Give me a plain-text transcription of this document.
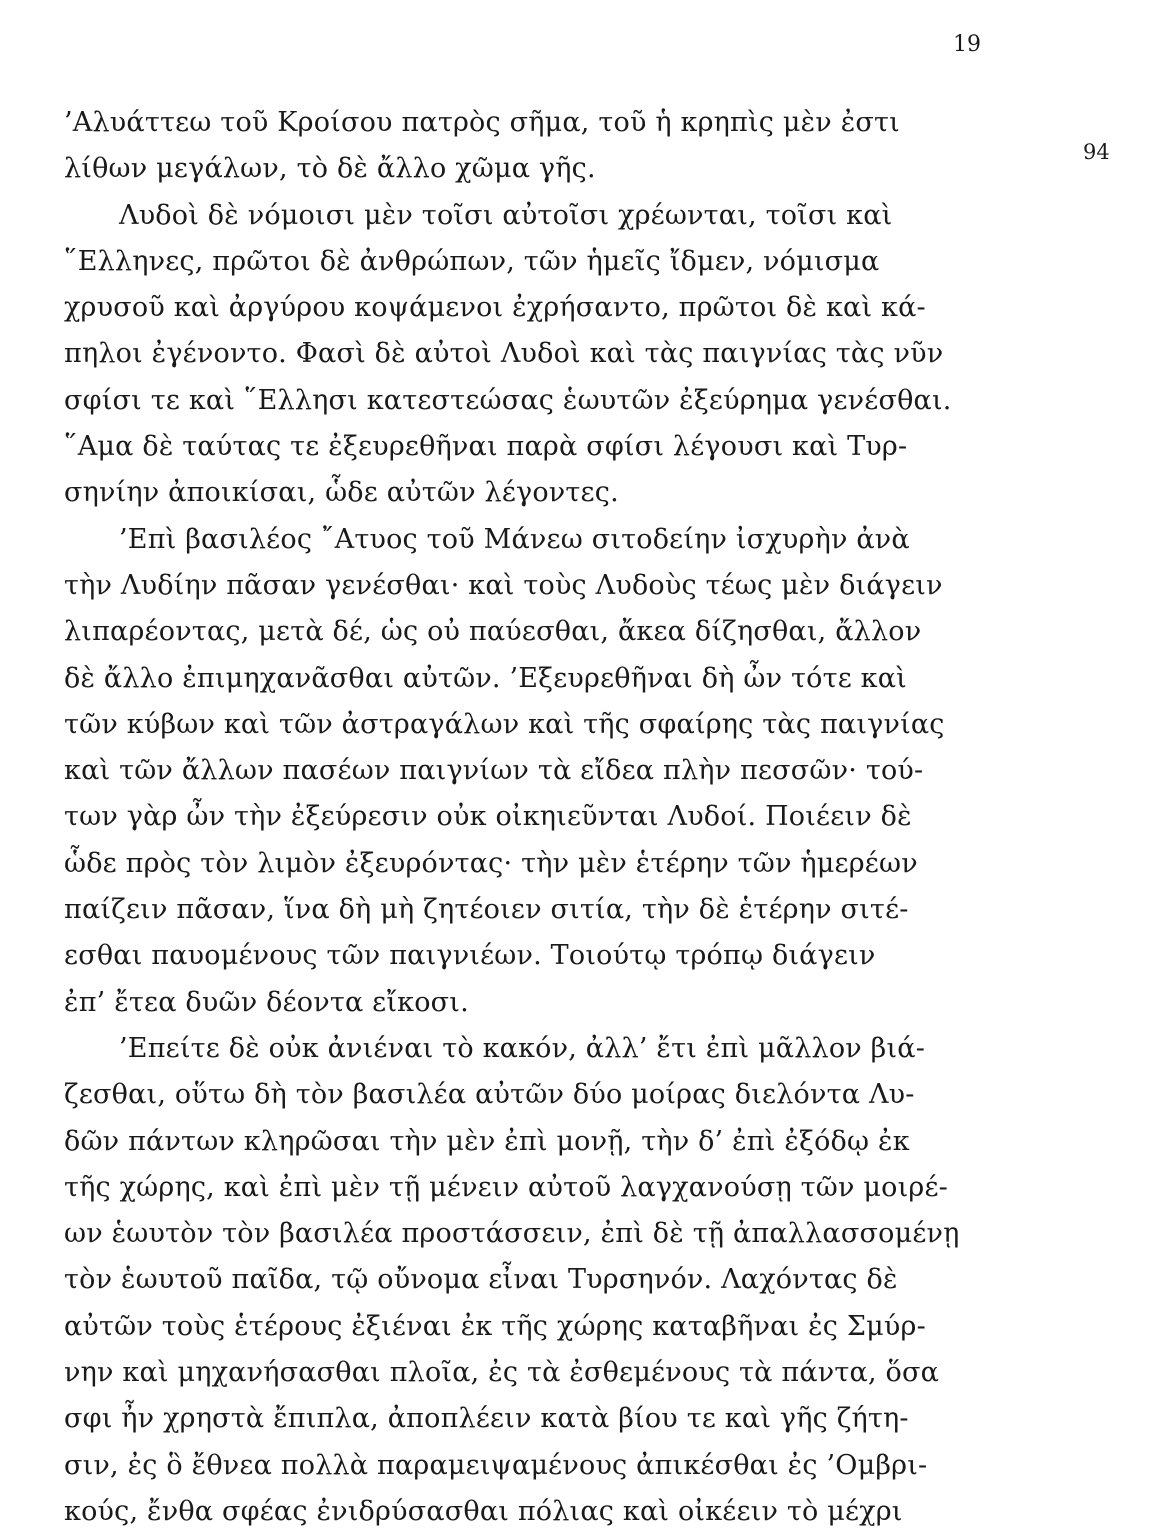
19
94
’Αλυάττεω τοῦ Κροίσου πατρὸς σῆμα, τοῦ ἡ κρηπὶς μὲν ἐστι
λίθων μεγάλων, τὸ δὲ ἄλλο χῶμα γῆς.
Λυδοὶ δὲ νόμοισι μὲν τοῖσι αὐτοῖσι χρέωνται, τοῖσι καὶ
῞Ελληνες, πρῶτοι δὲ ἀνθρώπων, τῶν ἡμεῖς ἴδμεν, νόμισμα
χρυσοῦ καὶ ἀργύρου κοψάμενοι ἐχρήσαντο, πρῶτοι δὲ καὶ κά-
πηλοι ἐγένοντο. Φασὶ δὲ αὐτοὶ Λυδοὶ καὶ τὰς παιγνίας τὰς νῦν
σφίσι τε καὶ ῞Ελλησι κατεστεώσας ἑωυτῶν ἐξεύρημα γενέσθαι.
῞Αμα δὲ ταύτας τε ἐξευρεθῆναι παρὰ σφίσι λέγουσι καὶ Τυρ-
σηνίην ἀποικίσαι, ὧδε αὐτῶν λέγοντες.
’Επὶ βασιλέος ῎Ατυος τοῦ Μάνεω σιτοδείην ἰσχυρὴν ἀνὰ
τὴν Λυδίην πᾶσαν γενέσθαι· καὶ τοὺς Λυδοὺς τέως μὲν διάγειν
λιπαρέοντας, μετὰ δέ, ὡς οὐ παύεσθαι, ἄκεα δίζησθαι, ἄλλον
δὲ ἄλλο ἐπιμηχανᾶσθαι αὐτῶν. ’Εξευρεθῆναι δὴ ὦν τότε καὶ
τῶν κύβων καὶ τῶν ἀστραγάλων καὶ τῆς σφαίρης τὰς παιγνίας
καὶ τῶν ἄλλων πασέων παιγνίων τὰ εἴδεα πλὴν πεσσῶν· τού-
των γὰρ ὦν τὴν ἐξεύρεσιν οὐκ οἰκηιεῦνται Λυδοί. Ποιέειν δὲ
ὧδε πρὸς τὸν λιμὸν ἐξευρόντας· τὴν μὲν ἑτέρην τῶν ἡμερέων
παίζειν πᾶσαν, ἵνα δὴ μὴ ζητέοιεν σιτία, τὴν δὲ ἑτέρην σιτέ-
εσθαι παυομένους τῶν παιγνιέων. Τοιούτῳ τρόπῳ διάγειν
ἐπ’ ἔτεα δυῶν δέοντα εἴκοσι.
’Επείτε δὲ οὐκ ἀνιέναι τὸ κακόν, ἀλλ’ ἔτι ἐπὶ μᾶλλον βιά-
ζεσθαι, οὕτω δὴ τὸν βασιλέα αὐτῶν δύο μοίρας διελόντα Λυ-
δῶν πάντων κληρῶσαι τὴν μὲν ἐπὶ μονῇ, τὴν δ’ ἐπὶ ἐξόδῳ ἐκ
τῆς χώρης, καὶ ἐπὶ μὲν τῇ μένειν αὐτοῦ λαγχανούσῃ τῶν μοιρέ-
ων ἑωυτὸν τὸν βασιλέα προστάσσειν, ἐπὶ δὲ τῇ ἀπαλλασσομένῃ
τὸν ἑωυτοῦ παῖδα, τῷ οὔνομα εἶναι Τυρσηνόν. Λαχόντας δὲ
αὐτῶν τοὺς ἑτέρους ἐξιέναι ἐκ τῆς χώρης καταβῆναι ἐς Σμύρ-
νην καὶ μηχανήσασθαι πλοῖα, ἐς τὰ ἐσθεμένους τὰ πάντα, ὅσα
σφι ἦν χρηστὰ ἔπιπλα, ἀποπλέειν κατὰ βίου τε καὶ γῆς ζήτη-
σιν, ἐς ὃ ἔθνεα πολλὰ παραμειψαμένους ἀπικέσθαι ἐς ’Ομβρι-
κούς, ἔνθα σφέας ἐνιδρύσασθαι πόλιας καὶ οἰκέειν τὸ μέχρι
